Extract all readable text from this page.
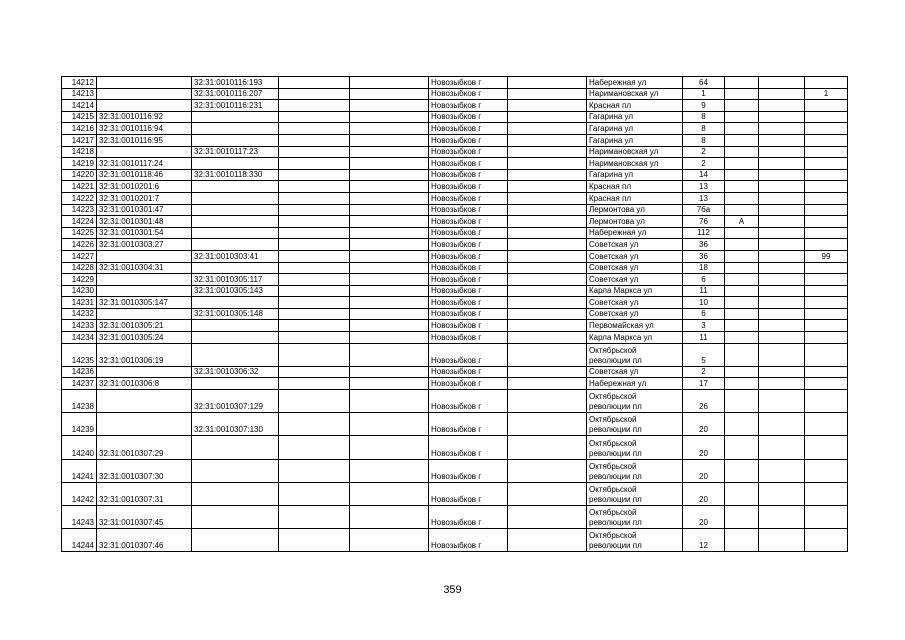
14212		32:31:0010116:193			Новозыбков г		Набережная ул	64			
14213		32:31:0010116:207			Новозыбков г		Наримановская ул	1			1
14214		32:31:0010116:231			Новозыбков г		Красная пл	9			
14215	32:31:0010116:92				Новозыбков г		Гагарина ул	8			
14216	32:31:0010116:94				Новозыбков г		Гагарина ул	8			
14217	32:31:0010116:95				Новозыбков г		Гагарина ул	8			
14218		32:31:0010117:23			Новозыбков г		Наримановская ул	2			
14219	32:31:0010117:24				Новозыбков г		Наримановская ул	2			
14220	32:31:0010118:46	32:31:0010118:330			Новозыбков г		Гагарина ул	14			
14221	32:31:0010201:6				Новозыбков г		Красная пл	13			
14222	32:31:0010201:7				Новозыбков г		Красная пл	13			
14223	32:31:0010301:47				Новозыбков г		Лермонтова ул	76а			
14224	32:31:0010301:48				Новозыбков г		Лермонтова ул	76	А		
14225	32:31:0010301:54				Новозыбков г		Набережная ул	112			
14226	32:31:0010303:27				Новозыбков г		Советская ул	36			
14227		32:31:0010303:41			Новозыбков г		Советская ул	36			99
14228	32:31:0010304:31				Новозыбков г		Советская ул	18			
14229		32:31:0010305:117			Новозыбков г		Советская ул	6			
14230		32:31:0010305:143			Новозыбков г		Карла Маркса ул	11			
14231	32:31:0010305:147				Новозыбков г		Советская ул	10			
14232		32:31:0010305:148			Новозыбков г		Советская ул	6			
14233	32:31:0010305:21				Новозыбков г		Первомайская ул	3			
14234	32:31:0010305:24				Новозыбков г		Карла Маркса ул	11			
14235	32:31:0010306:19				Новозыбков г		Октябрьской революции пл	5			
14236		32:31:0010306:32			Новозыбков г		Советская ул	2			
14237	32:31:0010306:8				Новозыбков г		Набережная ул	17			
14238		32:31:0010307:129			Новозыбков г		Октябрьской революции пл	26			
14239		32:31:0010307:130			Новозыбков г		Октябрьской революции пл	20			
14240	32:31:0010307:29				Новозыбков г		Октябрьской революции пл	20			
14241	32:31:0010307:30				Новозыбков г		Октябрьской революции пл	20			
14242	32:31:0010307:31				Новозыбков г		Октябрьской революции пл	20			
14243	32:31:0010307:45				Новозыбков г		Октябрьской революции пл	20			
14244	32:31:0010307:46				Новозыбков г		Октябрьской революции пл	12			
359
